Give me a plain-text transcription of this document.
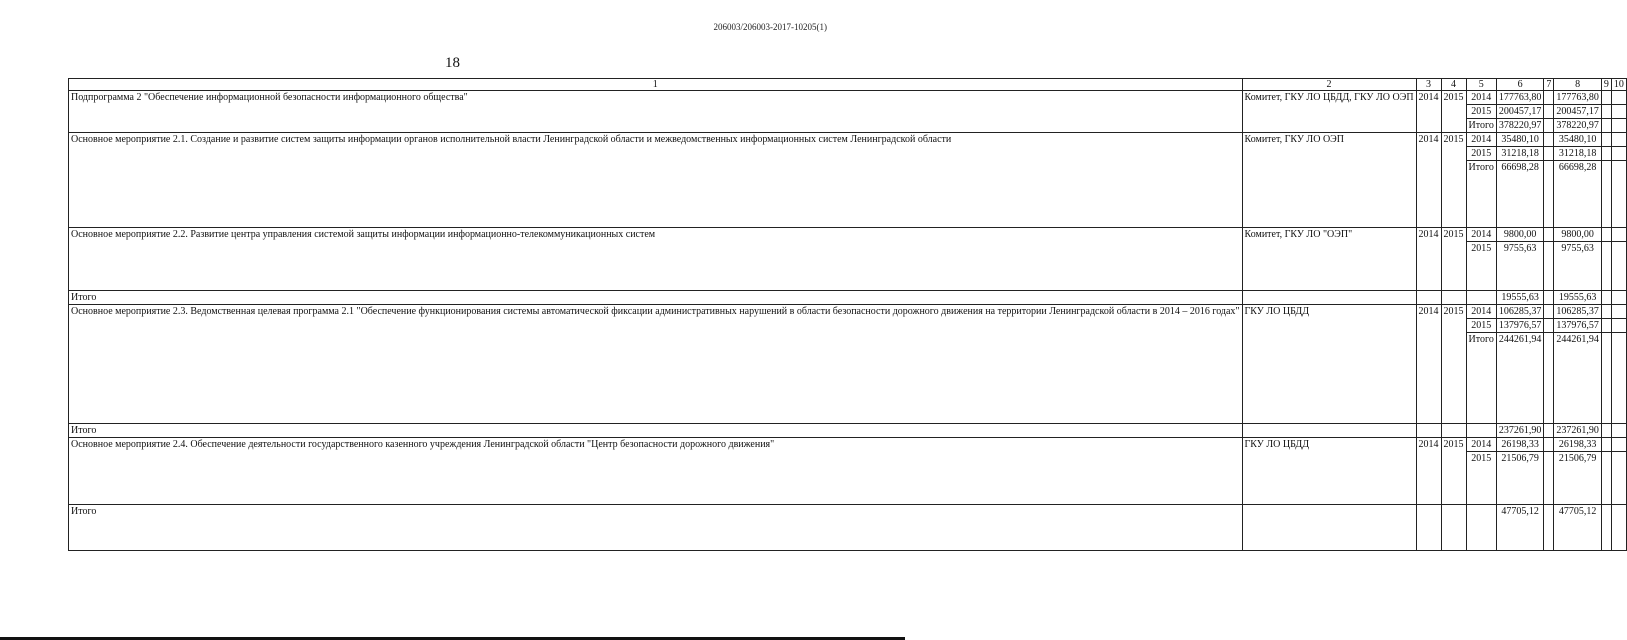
206003/206003-2017-10205(1)
18
1	2	3	4	5	6	7	8	9	10
Подпрограмма 2 "Обеспечение информационной безопасности информационного общества"	Комитет, ГКУ ЛО ЦБДД, ГКУ ЛО ОЭП	2014	2015	2014	177763,80		177763,80		
				2015	200457,17		200457,17		
				Итого	378220,97		378220,97		
Основное мероприятие 2.1. Создание и развитие систем защиты информации органов исполнительной власти Ленинградской области и межведомственных информационных систем Ленинградской области	Комитет, ГКУ ЛО ОЭП	2014	2015	2014	35480,10		35480,10		
				2015	31218,18		31218,18		
				Итого	66698,28		66698,28		
Основное мероприятие 2.2. Развитие центра управления системой защиты информации информационно-телекоммуникационных систем	Комитет, ГКУ ЛО "ОЭП"	2014	2015	2014	9800,00		9800,00		
				2015	9755,63		9755,63		
Итого					19555,63		19555,63		
Основное мероприятие 2.3. Ведомственная целевая программа 2.1 "Обеспечение функционирования системы автоматической фиксации административных нарушений в области безопасности дорожного движения на территории Ленинградской области в 2014 – 2016 годах"	ГКУ ЛО ЦБДД	2014	2015	2014	106285,37		106285,37		
				2015	137976,57		137976,57		
				Итого	244261,94		244261,94		
Итого					237261,90		237261,90		
Основное мероприятие 2.4. Обеспечение деятельности государственного казенного учреждения Ленинградской области "Центр безопасности дорожного движения"	ГКУ ЛО ЦБДД	2014	2015	2014	26198,33		26198,33		
				2015	21506,79		21506,79		
Итого					47705,12		47705,12		
